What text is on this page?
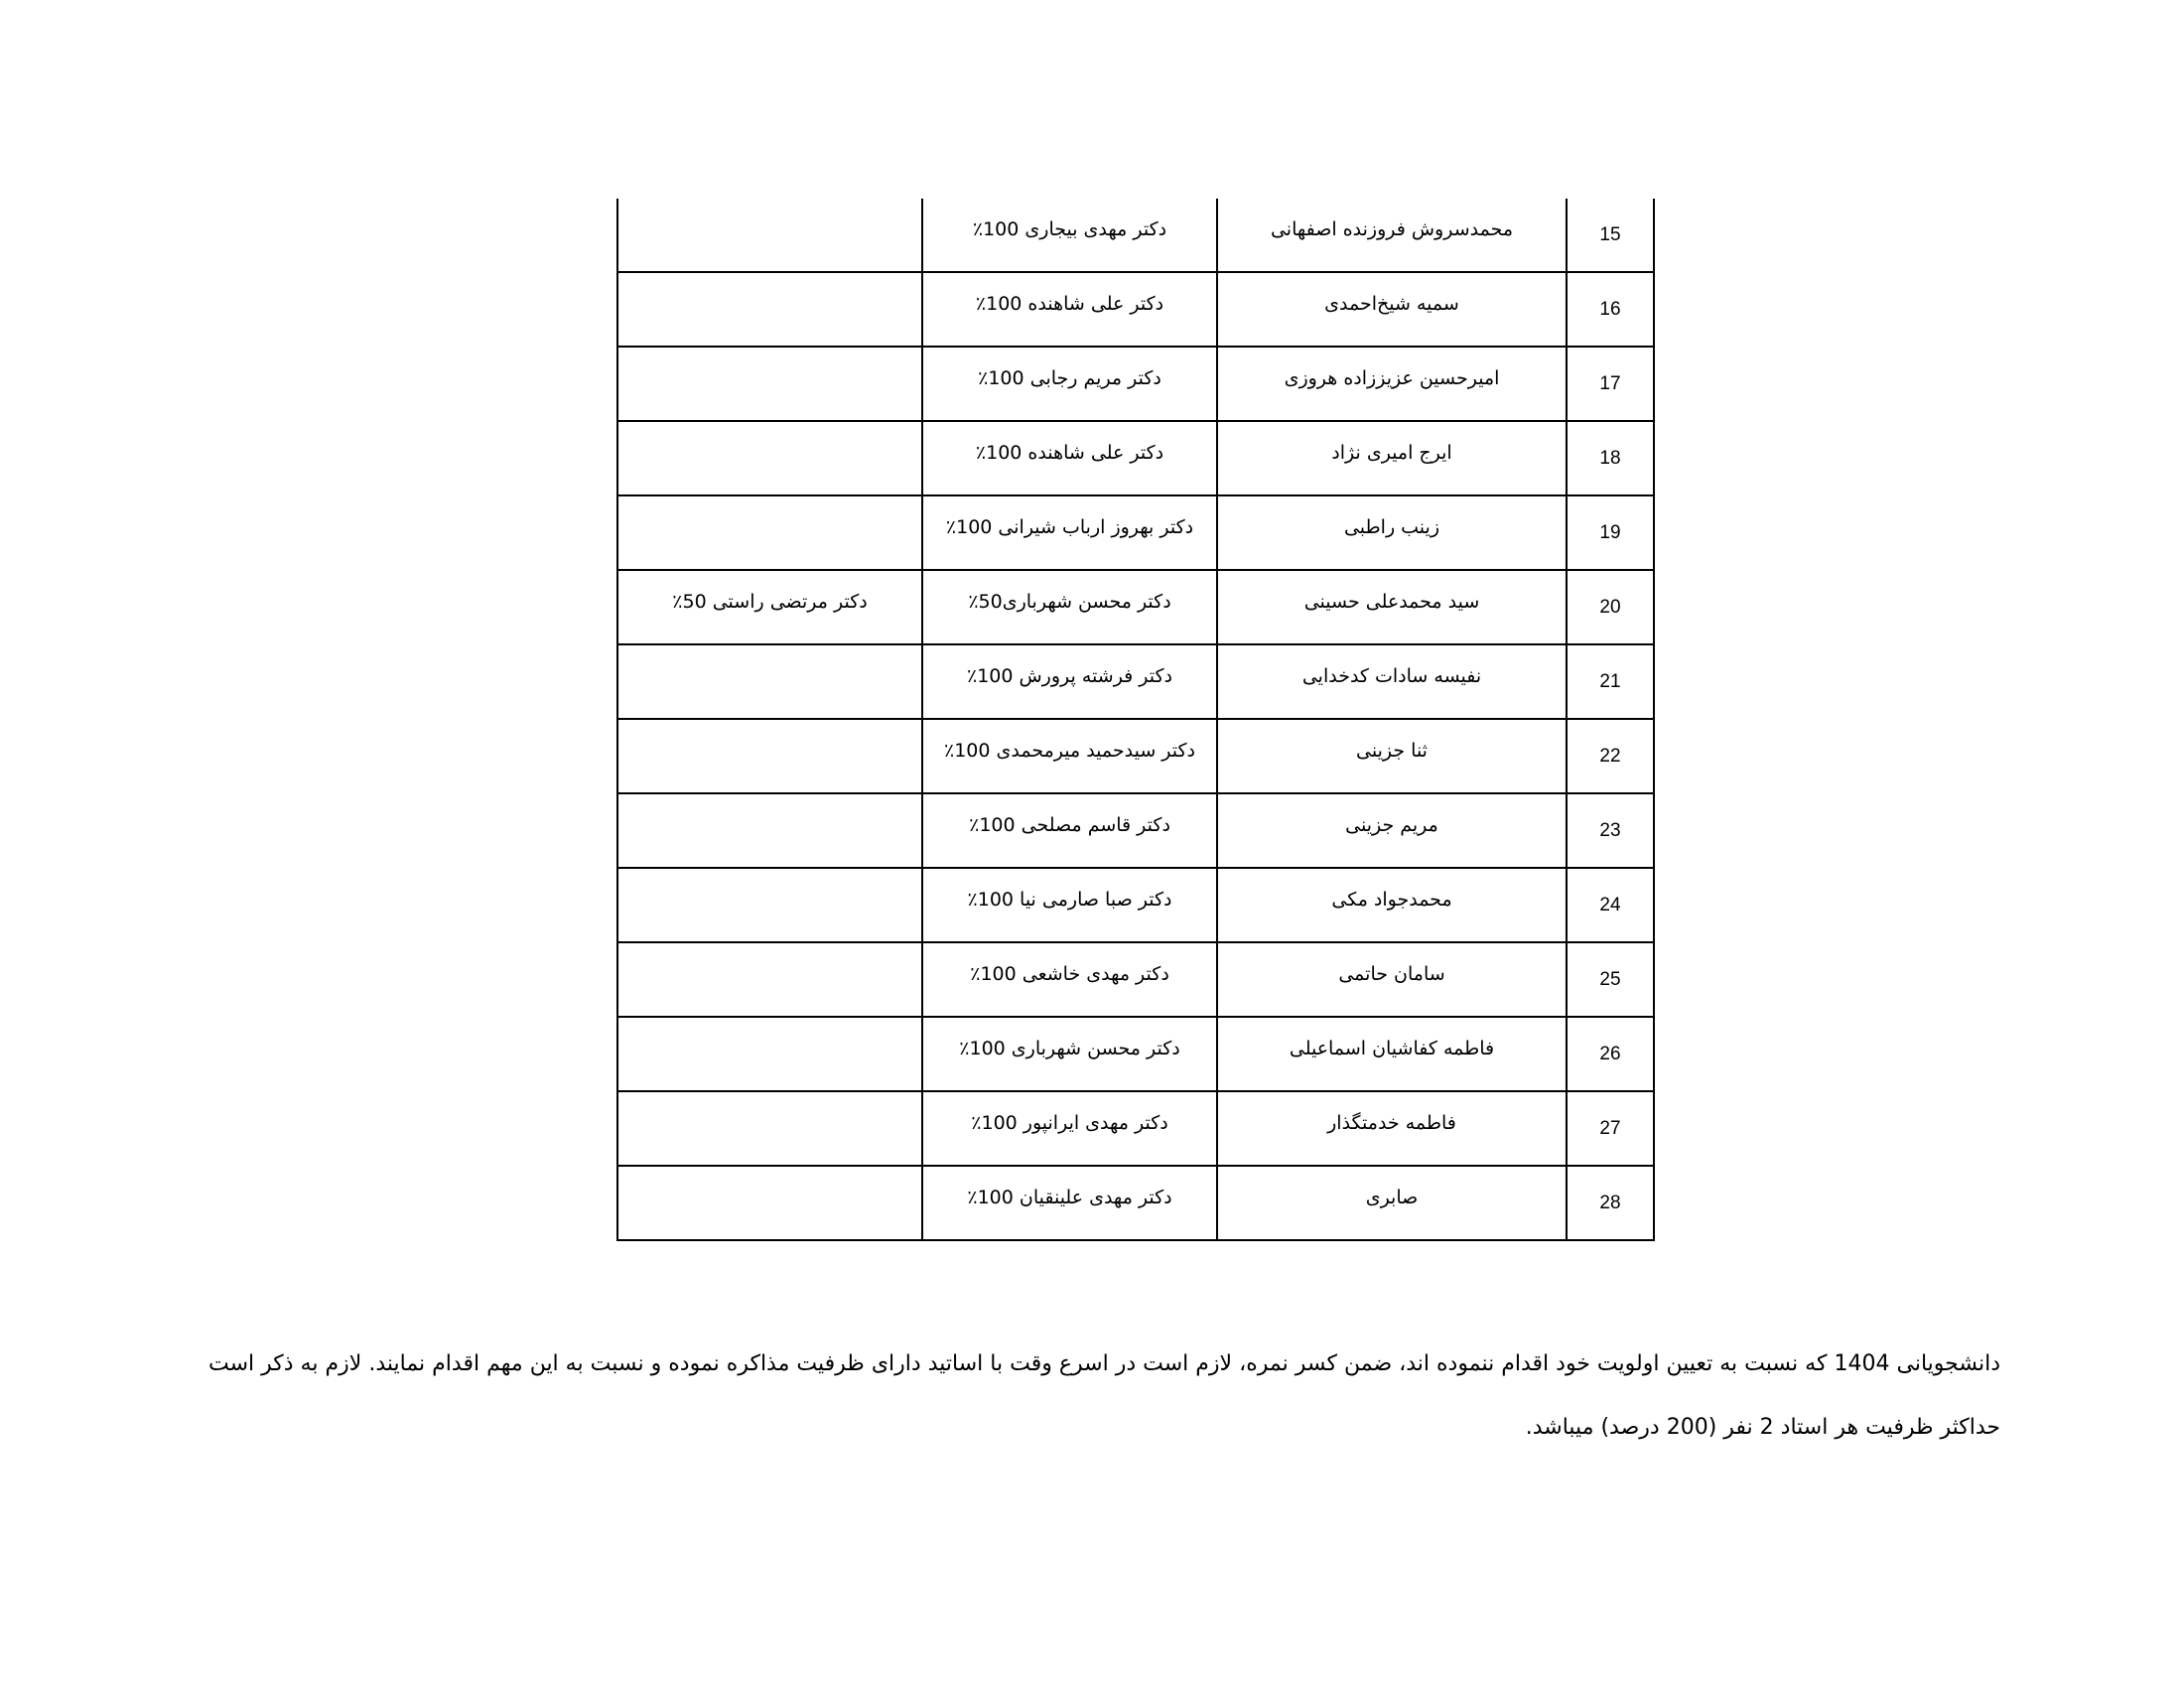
	دکتر مهدی بیجاری 100٪	محمدسروش فروزنده اصفهانی	15
	دکتر علی شاهنده 100٪	سمیه شیخ‌احمدی	16
	دکتر مریم رجابی 100٪	امیرحسین عزیززاده هروزی	17
	دکتر علی شاهنده 100٪	ایرج امیری نژاد	18
	دکتر بهروز ارباب شیرانی 100٪	زینب راطبی	19
دکتر مرتضی راستی 50٪	دکتر محسن شهرباری50٪	سید محمدعلی حسینی	20
	دکتر فرشته پرورش 100٪	نفیسه سادات کدخدایی	21
	دکتر سیدحمید میرمحمدی 100٪	ثنا جزینی	22
	دکتر قاسم مصلحی 100٪	مریم جزینی	23
	دکتر صبا صارمی نیا 100٪	محمدجواد مکی	24
	دکتر مهدی خاشعی 100٪	سامان حاتمی	25
	دکتر محسن شهرباری 100٪	فاطمه کفاشیان اسماعیلی	26
	دکتر مهدی ایرانپور 100٪	فاطمه خدمتگذار	27
	دکتر مهدی علینقیان 100٪	صابری	28

دانشجویانی 1404 که نسبت به تعیین اولویت خود اقدام ننموده اند، ضمن کسر نمره، لازم است در اسرع وقت با اساتید دارای ظرفیت مذاکره نموده و نسبت به این مهم اقدام نمایند. لازم به ذکر است حداکثر ظرفیت هر استاد 2 نفر (200 درصد) میباشد.
